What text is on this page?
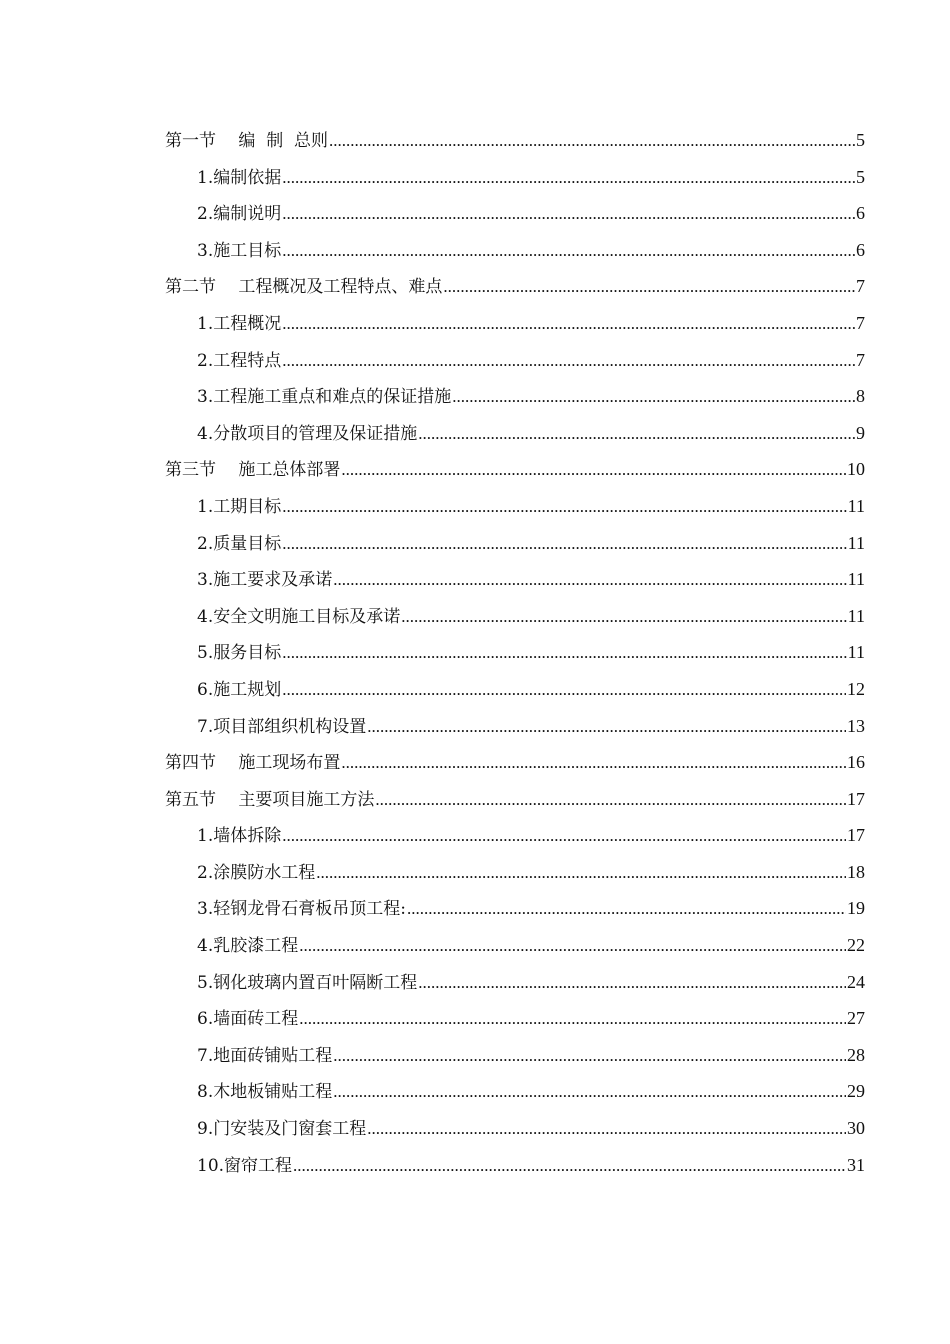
第一节　 编  制  总则 .....	5
1.编制依据 .....	5
2.编制说明 .....	6
3.施工目标 .....	6
第二节　 工程概况及工程特点、难点 .....	7
1.工程概况 .....	7
2.工程特点 .....	7
3.工程施工重点和难点的保证措施 .....	8
4.分散项目的管理及保证措施 .....	9
第三节　 施工总体部署 .....	10
1.工期目标 .....	11
2.质量目标 .....	11
3.施工要求及承诺 .....	11
4.安全文明施工目标及承诺 .....	11
5.服务目标 .....	11
6.施工规划 .....	12
7.项目部组织机构设置 .....	13
第四节　 施工现场布置 .....	16
第五节　 主要项目施工方法 .....	17
1.墙体拆除 .....	17
2.涂膜防水工程 .....	18
3.轻钢龙骨石膏板吊顶工程: .....	19
4.乳胶漆工程 .....	22
5.钢化玻璃内置百叶隔断工程 .....	24
6.墙面砖工程 .....	27
7.地面砖铺贴工程 .....	28
8.木地板铺贴工程 .....	29
9.门安装及门窗套工程 .....	30
10.窗帘工程 .....	31
